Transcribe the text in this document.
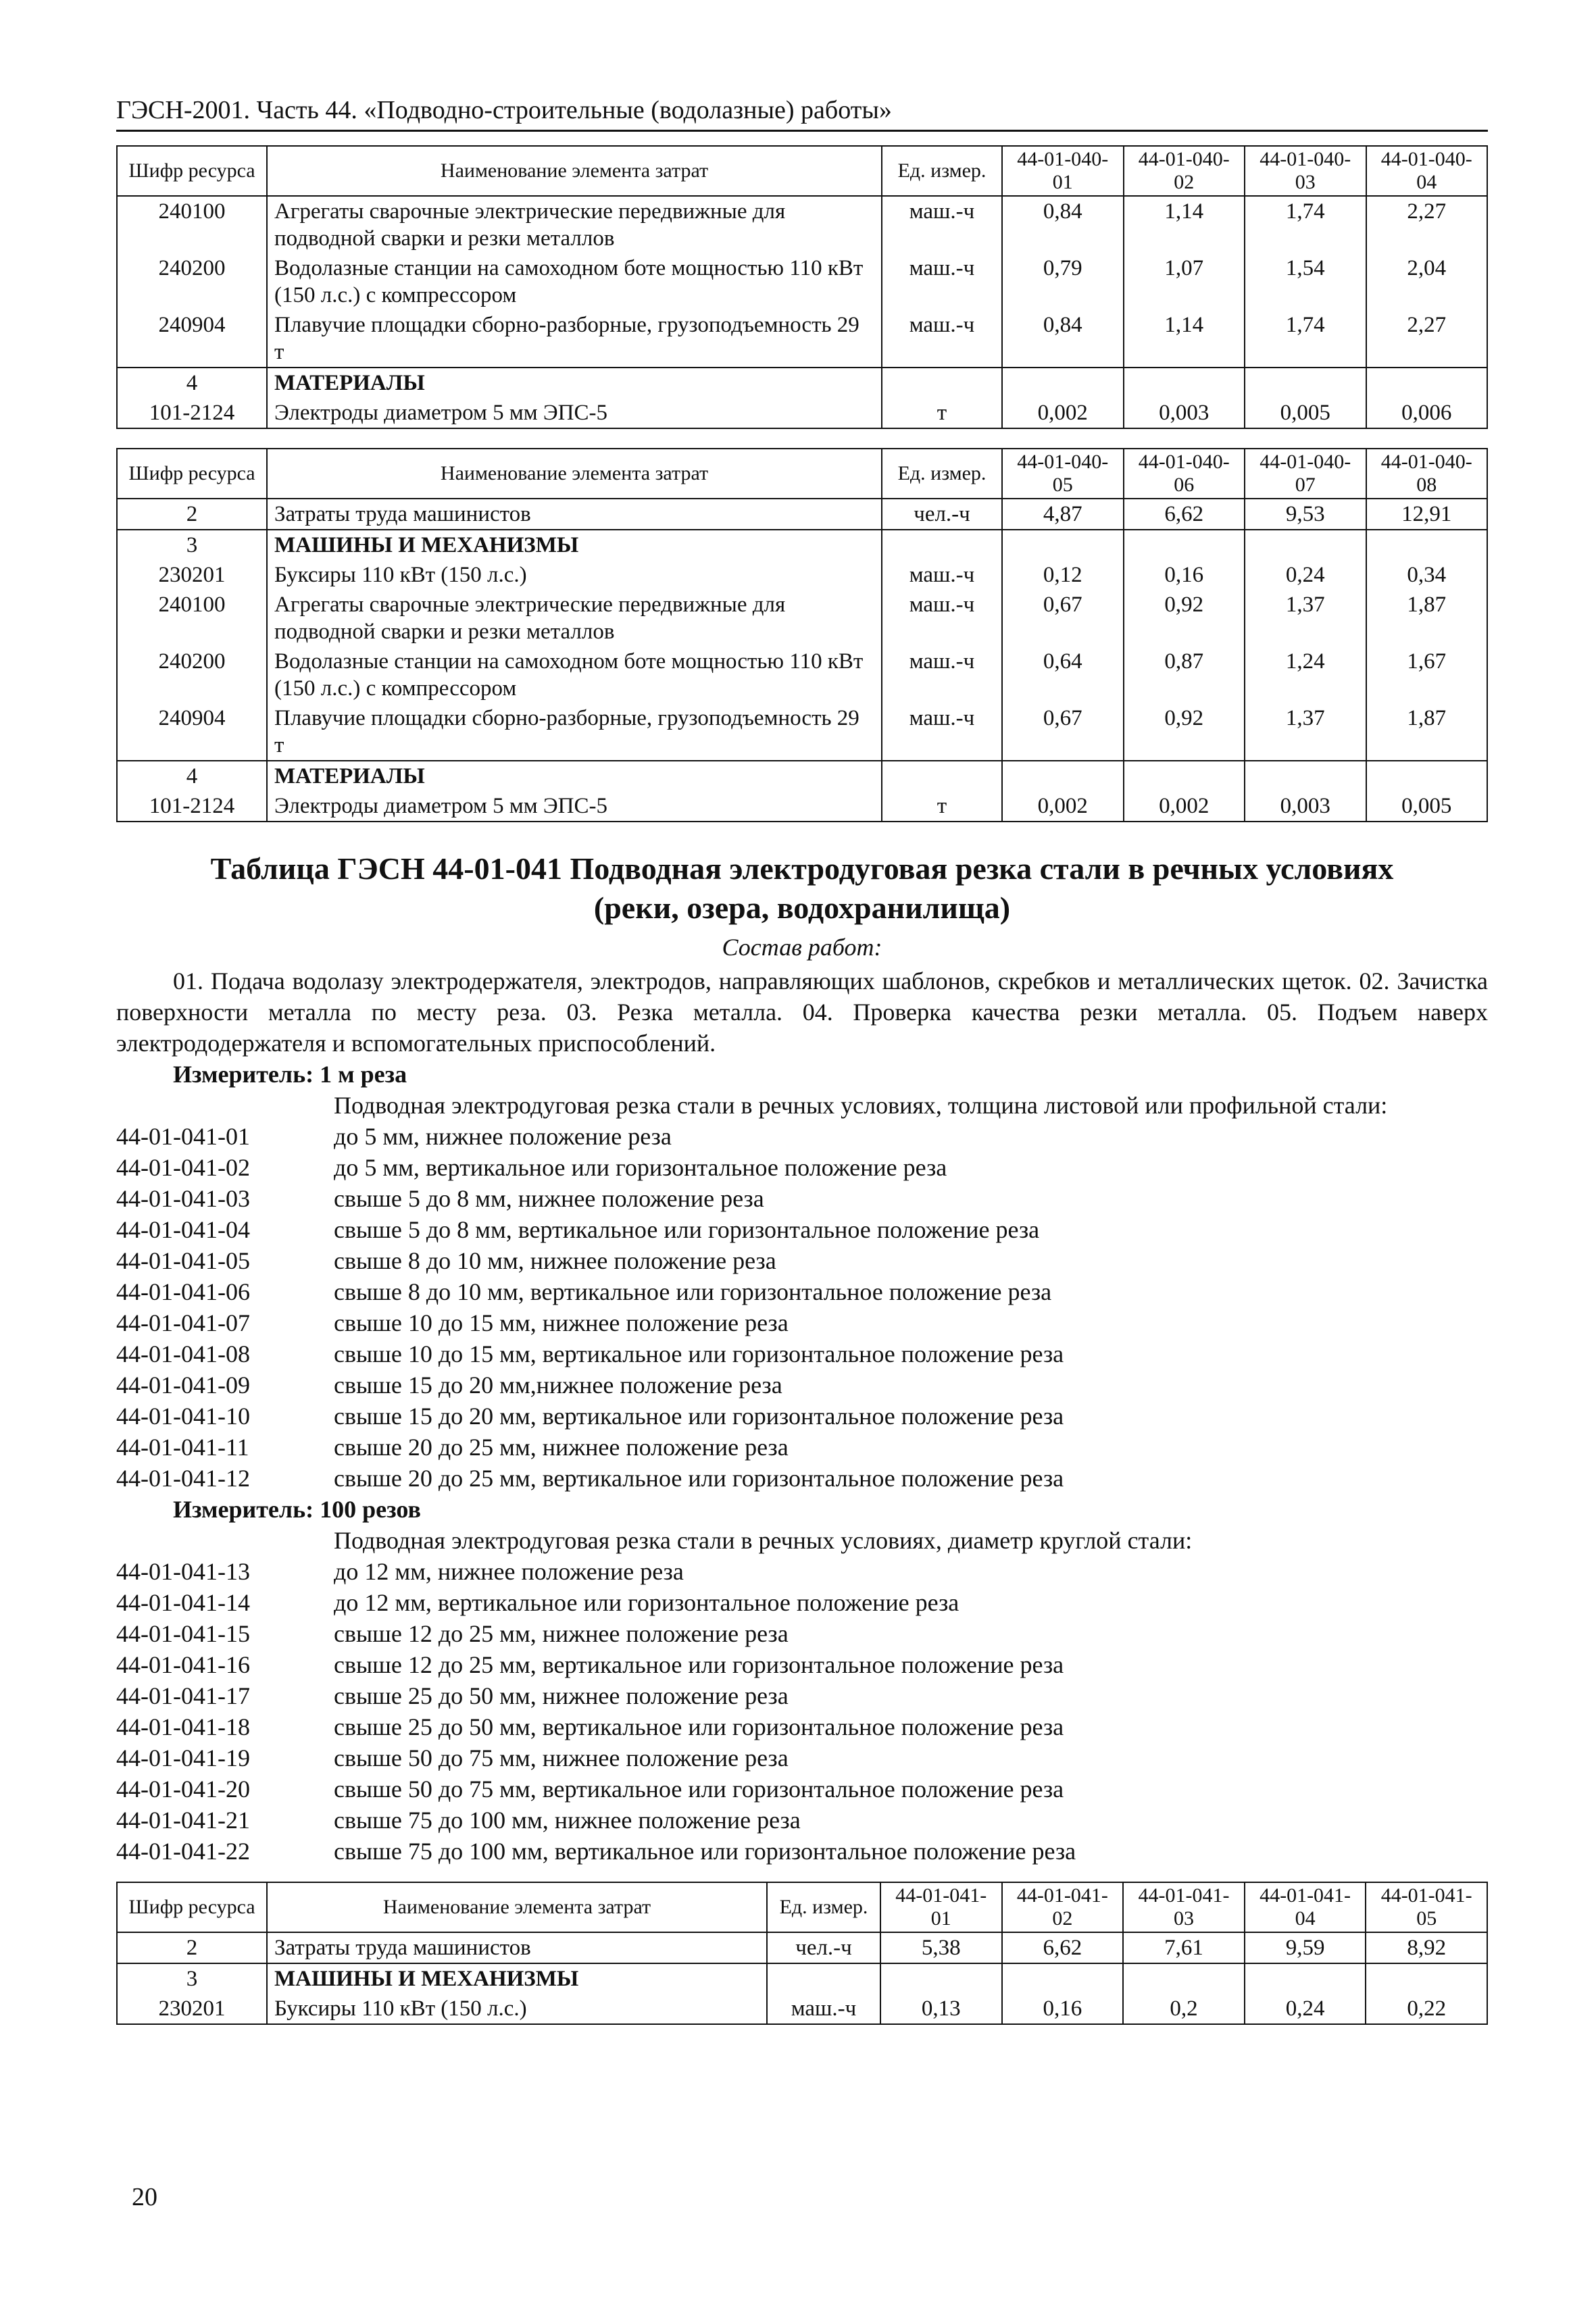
ГЭСН-2001. Часть 44. «Подводно-строительные (водолазные) работы»
Шифр ресурса	Наименование элемента затрат	Ед. измер.	44-01-040-01	44-01-040-02	44-01-040-03	44-01-040-04
240100	Агрегаты сварочные электрические передвижные для подводной сварки и резки металлов	маш.-ч	0,84	1,14	1,74	2,27
240200	Водолазные станции на самоходном боте мощностью 110 кВт (150 л.с.) с компрессором	маш.-ч	0,79	1,07	1,54	2,04
240904	Плавучие площадки сборно-разборные, грузоподъемность 29 т	маш.-ч	0,84	1,14	1,74	2,27
4	МАТЕРИАЛЫ					
101-2124	Электроды диаметром 5 мм ЭПС-5	т	0,002	0,003	0,005	0,006
Шифр ресурса	Наименование элемента затрат	Ед. измер.	44-01-040-05	44-01-040-06	44-01-040-07	44-01-040-08
2	Затраты труда машинистов	чел.-ч	4,87	6,62	9,53	12,91
3	МАШИНЫ И МЕХАНИЗМЫ					
230201	Буксиры 110 кВт (150 л.с.)	маш.-ч	0,12	0,16	0,24	0,34
240100	Агрегаты сварочные электрические передвижные для подводной сварки и резки металлов	маш.-ч	0,67	0,92	1,37	1,87
240200	Водолазные станции на самоходном боте мощностью 110 кВт (150 л.с.) с компрессором	маш.-ч	0,64	0,87	1,24	1,67
240904	Плавучие площадки сборно-разборные, грузоподъемность 29 т	маш.-ч	0,67	0,92	1,37	1,87
4	МАТЕРИАЛЫ					
101-2124	Электроды диаметром 5 мм ЭПС-5	т	0,002	0,002	0,003	0,005
Таблица ГЭСН 44-01-041 Подводная электродуговая резка стали в речных условиях
(реки, озера, водохранилища)
Состав работ:
01. Подача водолазу электродержателя, электродов, направляющих шаблонов, скребков и металлических щеток. 02. Зачистка поверхности металла по месту реза. 03. Резка металла. 04. Проверка качества резки металла. 05. Подъем наверх электрододержателя и вспомогательных приспособлений.
Измеритель: 1 м реза
Подводная электродуговая резка стали в речных условиях, толщина листовой или профильной стали:
44-01-041-01	до 5 мм, нижнее положение реза
44-01-041-02	до 5 мм, вертикальное или горизонтальное положение реза
44-01-041-03	свыше 5 до 8 мм, нижнее положение реза
44-01-041-04	свыше 5 до 8 мм, вертикальное или горизонтальное положение реза
44-01-041-05	свыше 8 до 10 мм, нижнее положение реза
44-01-041-06	свыше 8 до 10 мм, вертикальное или горизонтальное положение реза
44-01-041-07	свыше 10 до 15 мм, нижнее положение реза
44-01-041-08	свыше 10 до 15 мм, вертикальное или горизонтальное положение реза
44-01-041-09	свыше 15 до 20 мм,нижнее положение реза
44-01-041-10	свыше 15 до 20 мм, вертикальное или горизонтальное положение реза
44-01-041-11	свыше 20 до 25 мм, нижнее положение реза
44-01-041-12	свыше 20 до 25 мм, вертикальное или горизонтальное положение реза
Измеритель: 100 резов
Подводная электродуговая резка стали в речных условиях, диаметр круглой стали:
44-01-041-13	до 12 мм, нижнее положение реза
44-01-041-14	до 12 мм, вертикальное или горизонтальное положение реза
44-01-041-15	свыше 12 до 25 мм, нижнее положение реза
44-01-041-16	свыше 12 до 25 мм, вертикальное или горизонтальное положение реза
44-01-041-17	свыше 25 до 50 мм, нижнее положение реза
44-01-041-18	свыше 25 до 50 мм, вертикальное или горизонтальное положение реза
44-01-041-19	свыше 50 до 75 мм, нижнее положение реза
44-01-041-20	свыше 50 до 75 мм, вертикальное или горизонтальное положение реза
44-01-041-21	свыше 75 до 100 мм, нижнее положение реза
44-01-041-22	свыше 75 до 100 мм, вертикальное или горизонтальное положение реза
Шифр ресурса	Наименование элемента затрат	Ед. измер.	44-01-041-01	44-01-041-02	44-01-041-03	44-01-041-04	44-01-041-05
2	Затраты труда машинистов	чел.-ч	5,38	6,62	7,61	9,59	8,92
3	МАШИНЫ И МЕХАНИЗМЫ						
230201	Буксиры 110 кВт (150 л.с.)	маш.-ч	0,13	0,16	0,2	0,24	0,22
20
